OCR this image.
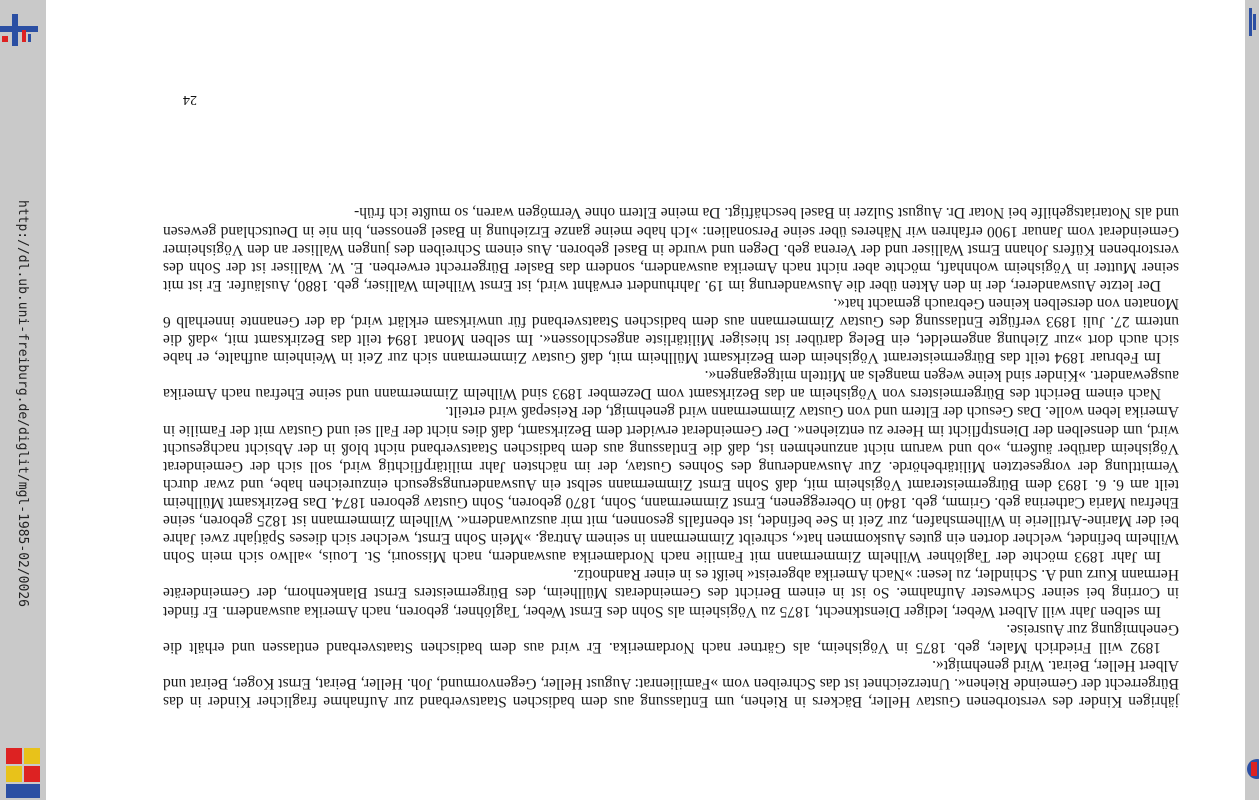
http://dl.ub.uni-freiburg.de/diglit/mgl-1985-02/0026

jährigen Kinder des verstorbenen Gustav Heller, Bäckers in Riehen, um Entlassung aus dem badischen Staatsverband zur Aufnahme fraglicher Kinder in das Bürgerrecht der Gemeinde Riehen«. Unterzeichnet ist das Schreiben vom »Familienrat: August Heller, Gegenvormund, Joh. Heller, Beirat, Ernst Koger, Beirat und Albert Heller, Beirat. Wird genehmigt«.

1892 will Friedrich Maler, geb. 1875 in Vögisheim, als Gärtner nach Nordamerika. Er wird aus dem badischen Staatsverband entlassen und erhält die Genehmigung zur Ausreise.

Im selben Jahr will Albert Weber, lediger Dienstknecht, 1875 zu Vögisheim als Sohn des Ernst Weber, Taglöhner, geboren, nach Amerika auswandern. Er findet in Corring bei seiner Schwester Aufnahme. So ist in einem Bericht des Gemeinderats Müllheim, des Bürgermeisters Ernst Blankenhorn, der Gemeinderäte Hermann Kurz und A. Schindler, zu lesen: »Nach Amerika abgereist« heißt es in einer Randnotiz.

Im Jahr 1893 möchte der Taglöhner Wilhelm Zimmermann mit Familie nach Nordamerika auswandern, nach Missouri, St. Louis, »allwo sich mein Sohn Wilhelm befindet, welcher dorten ein gutes Auskommen hat«, schreibt Zimmermann in seinem Antrag. »Mein Sohn Ernst, welcher sich dieses Spätjahr zwei Jahre bei der Marine-Artillerie in Wilhemshafen, zur Zeit in See befindet, ist ebenfalls gesonnen, mit mir auszuwandern«. Wilhelm Zimmermann ist 1825 geboren, seine Ehefrau Maria Catherina geb. Grimm, geb. 1840 in Obereggenen, Ernst Zimmermann, Sohn, 1870 geboren, Sohn Gustav geboren 1874. Das Bezirksamt Müllheim teilt am 6. 6. 1893 dem Bürgermeisteramt Vögisheim mit, daß Sohn Ernst Zimmermann selbst ein Auswanderungsgesuch einzureichen habe, und zwar durch Vermittlung der vorgesetzten Militärbehörde. Zur Auswanderung des Sohnes Gustav, der im nächsten Jahr militärpflichtig wird, soll sich der Gemeinderat Vögisheim darüber äußern, »ob und warum nicht anzunehmen ist, daß die Entlassung aus dem badischen Staatsverband nicht bloß in der Absicht nachgesucht wird, um denselben der Dienstpflicht im Heere zu entziehen«. Der Gemeinderat erwidert dem Bezirksamt, daß dies nicht der Fall sei und Gustav mit der Familie in Amerika leben wolle. Das Gesuch der Eltern und von Gustav Zimmermann wird genehmigt, der Reisepaß wird erteilt.

Nach einem Bericht des Bürgermeisters von Vögisheim an das Bezirksamt vom Dezember 1893 sind Wilhelm Zimmermann und seine Ehefrau nach Amerika ausgewandert. »Kinder sind keine wegen mangels an Mitteln mitgegangen«.

Im Februar 1894 teilt das Bürgermeisteramt Vögisheim dem Bezirksamt Müllheim mit, daß Gustav Zimmermann sich zur Zeit in Weinheim aufhalte, er habe sich auch dort »zur Ziehung angemeldet, ein Beleg darüber ist hiesiger Militärliste angeschlossen«. Im selben Monat 1894 teilt das Bezirksamt mit, »daß die unterm 27. Juli 1893 verfügte Entlassung des Gustav Zimmermann aus dem badischen Staatsverband für unwirksam erklärt wird, da der Genannte innerhalb 6 Monaten von derselben keinen Gebrauch gemacht hat«.

Der letzte Auswanderer, der in den Akten über die Auswanderung im 19. Jahrhundert erwähnt wird, ist Ernst Wilhelm Walliser, geb. 1880, Ausläufer. Er ist mit seiner Mutter in Vögisheim wohnhaft, möchte aber nicht nach Amerika auswandern, sondern das Basler Bürgerrecht erwerben. E. W. Walliser ist der Sohn des verstorbenen Küfers Johann Ernst Walliser und der Verena geb. Degen und wurde in Basel geboren. Aus einem Schreiben des jungen Walliser an den Vögisheimer Gemeinderat vom Januar 1900 erfahren wir Näheres über seine Personalien: »Ich habe meine ganze Erziehung in Basel genossen, bin nie in Deutschland gewesen und als Notariatsgehilfe bei Notar Dr. August Sulzer in Basel beschäftigt. Da meine Eltern ohne Vermögen waren, so mußte ich früh-

24
